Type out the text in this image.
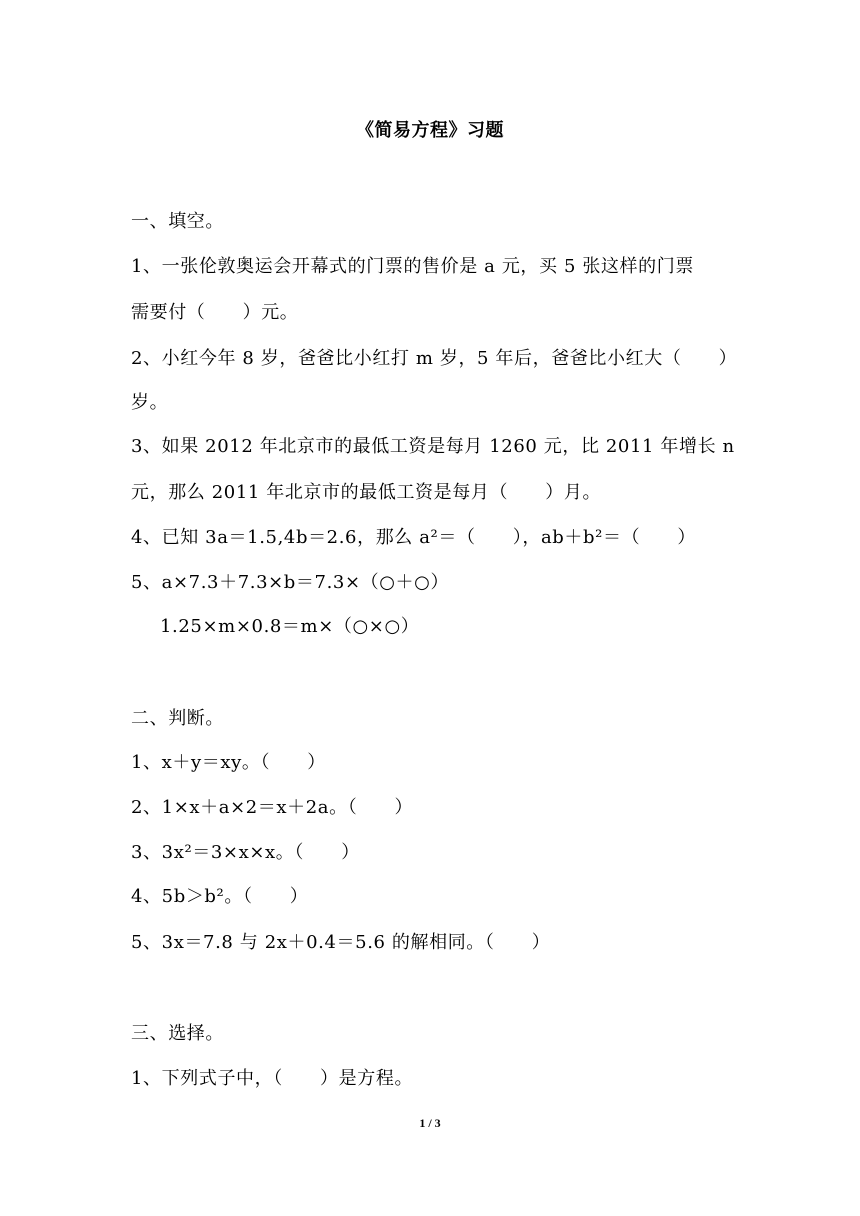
《简易方程》习题
一、填空。
1、一张伦敦奥运会开幕式的门票的售价是 a 元，买 5 张这样的门票
需要付（　　）元。
2、小红今年 8 岁，爸爸比小红打 m 岁，5 年后，爸爸比小红大（　　）
岁。
3、如果 2012 年北京市的最低工资是每月 1260 元，比 2011 年增长 n
元，那么 2011 年北京市的最低工资是每月（　　）月。
4、已知 3a＝1.5,4b＝2.6，那么 a²＝（　　），ab＋b²＝（　　）
5、a×7.3＋7.3×b＝7.3×（○＋○）
1.25×m×0.8＝m×（○×○）
二、判断。
1、x＋y＝xy。（　　）
2、1×x＋a×2＝x＋2a。（　　）
3、3x²＝3×x×x。（　　）
4、5b＞b²。（　　）
5、3x＝7.8 与 2x＋0.4＝5.6 的解相同。（　　）
三、选择。
1、下列式子中，（　　）是方程。
1 / 3
